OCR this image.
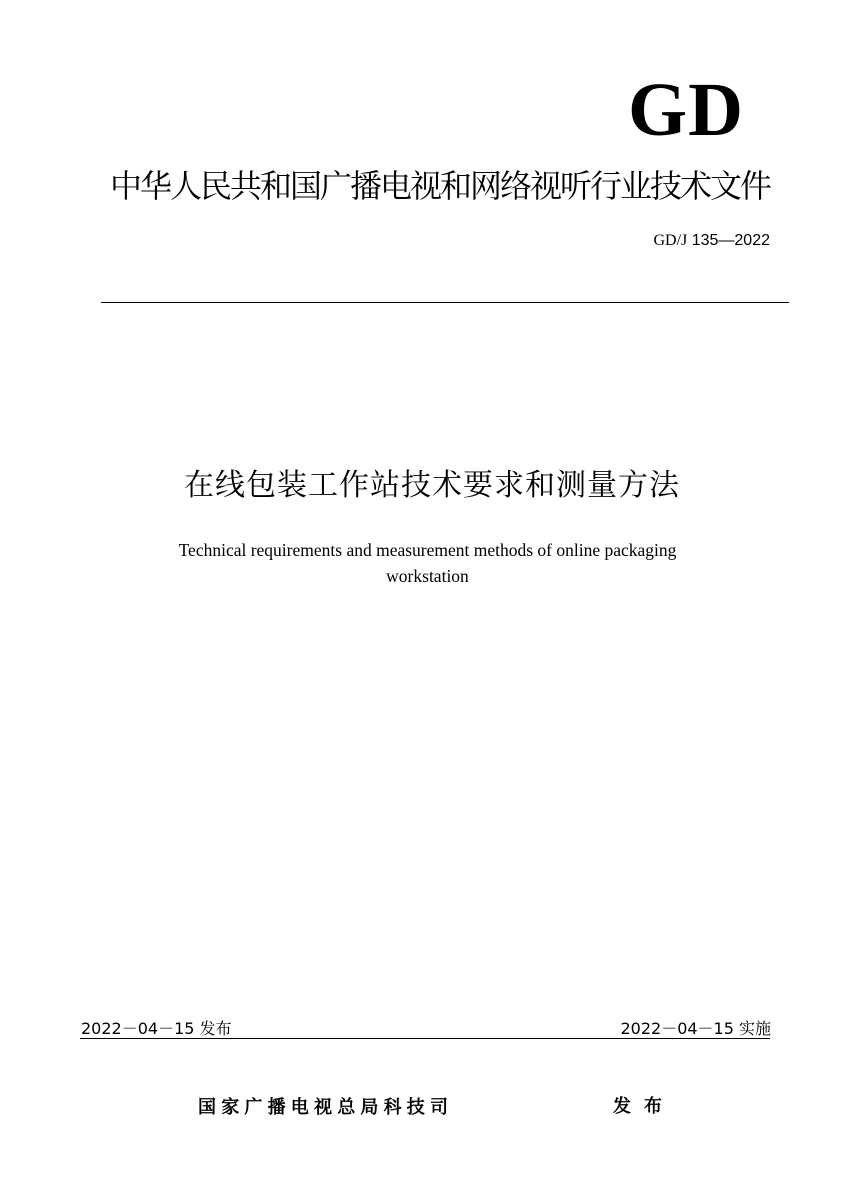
GD
中华人民共和国广播电视和网络视听行业技术文件
GD/J 135—2022
在线包装工作站技术要求和测量方法
Technical requirements and measurement methods of online packaging
workstation
2022－04－15 发布	2022－04－15 实施
国家广播电视总局科技司	发布
